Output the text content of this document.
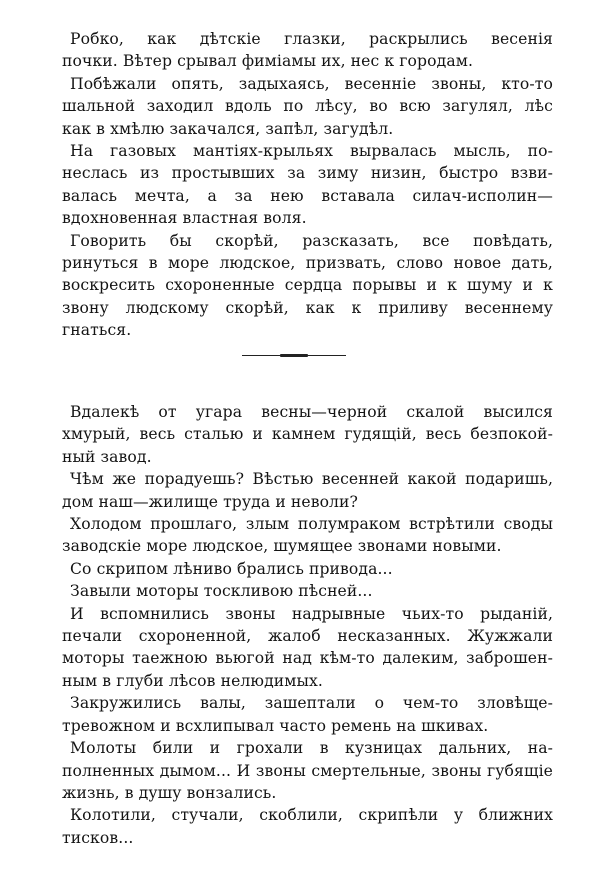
Робко, как дѣтскіе глазки, раскрылись весенія
почки. Вѣтер срывал фиміамы их, нес к городам.

Побѣжали опять, задыхаясь, весенніе звоны, кто-то
шальной заходил вдоль по лѣсу, во всю загулял, лѣс
как в хмѣлю закачался, запѣл, загудѣл.

На газовых мантіях-крыльях вырвалась мысль, по-
неслась из простывших за зиму низин, быстро взви-
валась мечта, а за нею вставала силач-исполин—
вдохновенная властная воля.

Говорить бы скорѣй, разсказать, все повѣдать,
ринуться в море людское, призвать, слово новое дать,
воскресить схороненные сердца порывы и к шуму и к
звону людскому скорѣй, как к приливу весеннему
гнаться.

Вдалекѣ от угара весны—черной скалой высился
хмурый, весь сталью и камнем гудящій, весь безпокой-
ный завод.

Чѣм же порадуешь? Вѣстью весенней какой подаришь,
дом наш—жилище труда и неволи?

Холодом прошлаго, злым полумраком встрѣтили своды
заводскіе море людское, шумящее звонами новыми.

Со скрипом лѣниво брались привода...

Завыли моторы тоскливою пѣсней...

И вспомнились звоны надрывные чьих-то рыданій,
печали схороненной, жалоб несказанных. Жужжали
моторы таежною вьюгой над кѣм-то далеким, заброшен-
ным в глуби лѣсов нелюдимых.

Закружились валы, зашептали о чем-то зловѣще-
тревожном и всхлипывал часто ремень на шкивах.

Молоты били и грохали в кузницах дальних, на-
полненных дымом... И звоны смертельные, звоны губящіе
жизнь, в душу вонзались.

Колотили, стучали, скоблили, скрипѣли у ближних
тисков...
